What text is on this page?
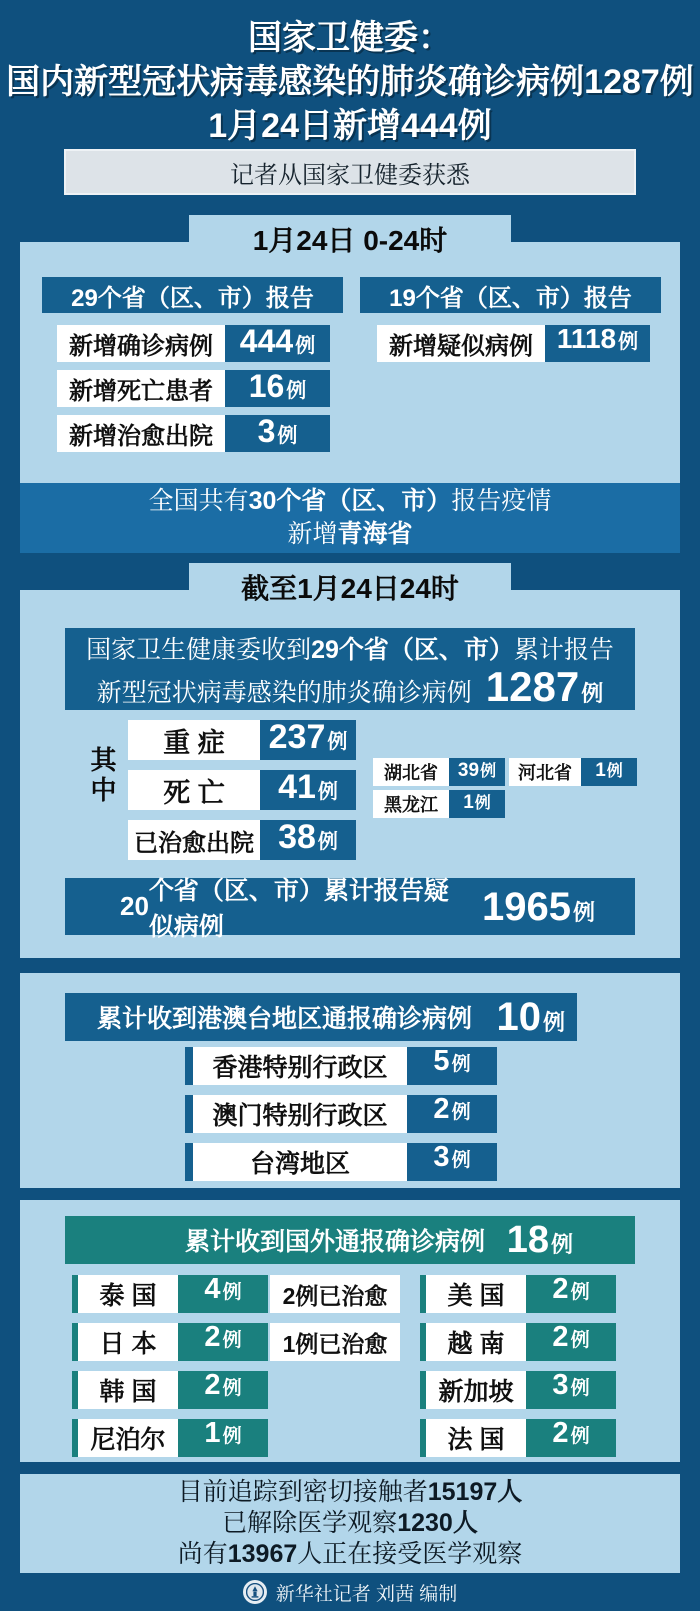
国家卫健委：
国内新型冠状病毒感染的肺炎确诊病例1287例
1月24日新增444例
记者从国家卫健委获悉
1月24日 0-24时
29个省（区、市）报告	19个省（区、市）报告
新增确诊病例 444 例
新增死亡患者	16 例
新增治愈出院	3 例
新增疑似病例 1118 例
全国共有30个省（区、市）报告疫情
新增青海省
截至1月24日24时
国家卫生健康委收到 29个省（区、市） 累计报告
新型冠状病毒感染的肺炎确诊病例 1287 例
其中
重 症	237 例
死 亡	41 例
已治愈出院 38 例
湖北省	39 例	河北省	1 例
黑龙江	1 例
20
个省（区、市）累计报告疑似病例	1965 例
累计收到港澳台地区通报确诊病例 10 例
香港特别行政区	5 例
澳门特别行政区	2 例
台湾地区	3 例
累计收到国外通报确诊病例 18 例
泰 国	4 例	2例已治愈
日 本	2 例	1例已治愈
韩 国	2 例
尼泊尔	1 例
美 国	2 例
越 南	2 例
新加坡	3 例
法 国	2 例
目前追踪到密切接触者15197人
已解除医学观察1230人
尚有13967人正在接受医学观察
新华社记者 刘茜 编制
